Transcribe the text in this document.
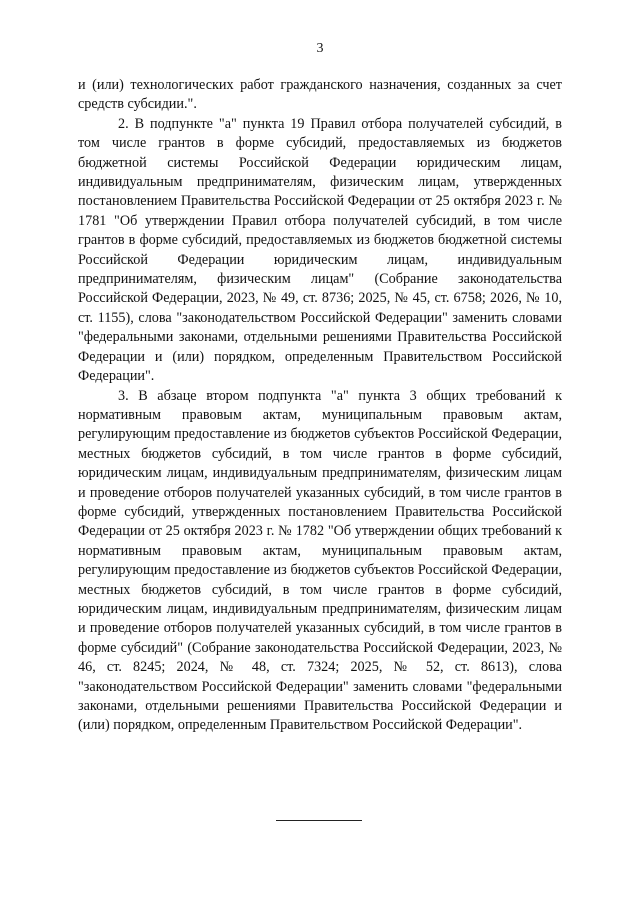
3

и (или) технологических работ гражданского назначения, созданных за счет средств субсидии.".

2. В подпункте "а" пункта 19 Правил отбора получателей субсидий, в том числе грантов в форме субсидий, предоставляемых из бюджетов бюджетной системы Российской Федерации юридическим лицам, индивидуальным предпринимателям, физическим лицам, утвержденных постановлением Правительства Российской Федерации от 25 октября 2023 г. № 1781 "Об утверждении Правил отбора получателей субсидий, в том числе грантов в форме субсидий, предоставляемых из бюджетов бюджетной системы Российской Федерации юридическим лицам, индивидуальным предпринимателям, физическим лицам" (Собрание законодательства Российской Федерации, 2023, № 49, ст. 8736; 2025, № 45, ст. 6758; 2026, № 10, ст. 1155), слова "законодательством Российской Федерации" заменить словами "федеральными законами, отдельными решениями Правительства Российской Федерации и (или) порядком, определенным Правительством Российской Федерации".

3. В абзаце втором подпункта "а" пункта 3 общих требований к нормативным правовым актам, муниципальным правовым актам, регулирующим предоставление из бюджетов субъектов Российской Федерации, местных бюджетов субсидий, в том числе грантов в форме субсидий, юридическим лицам, индивидуальным предпринимателям, физическим лицам и проведение отборов получателей указанных субсидий, в том числе грантов в форме субсидий, утвержденных постановлением Правительства Российской Федерации от 25 октября 2023 г. № 1782 "Об утверждении общих требований к нормативным правовым актам, муниципальным правовым актам, регулирующим предоставление из бюджетов субъектов Российской Федерации, местных бюджетов субсидий, в том числе грантов в форме субсидий, юридическим лицам, индивидуальным предпринимателям, физическим лицам и проведение отборов получателей указанных субсидий, в том числе грантов в форме субсидий" (Собрание законодательства Российской Федерации, 2023, № 46, ст. 8245; 2024, № 48, ст. 7324; 2025, № 52, ст. 8613), слова "законодательством Российской Федерации" заменить словами "федеральными законами, отдельными решениями Правительства Российской Федерации и (или) порядком, определенным Правительством Российской Федерации".
